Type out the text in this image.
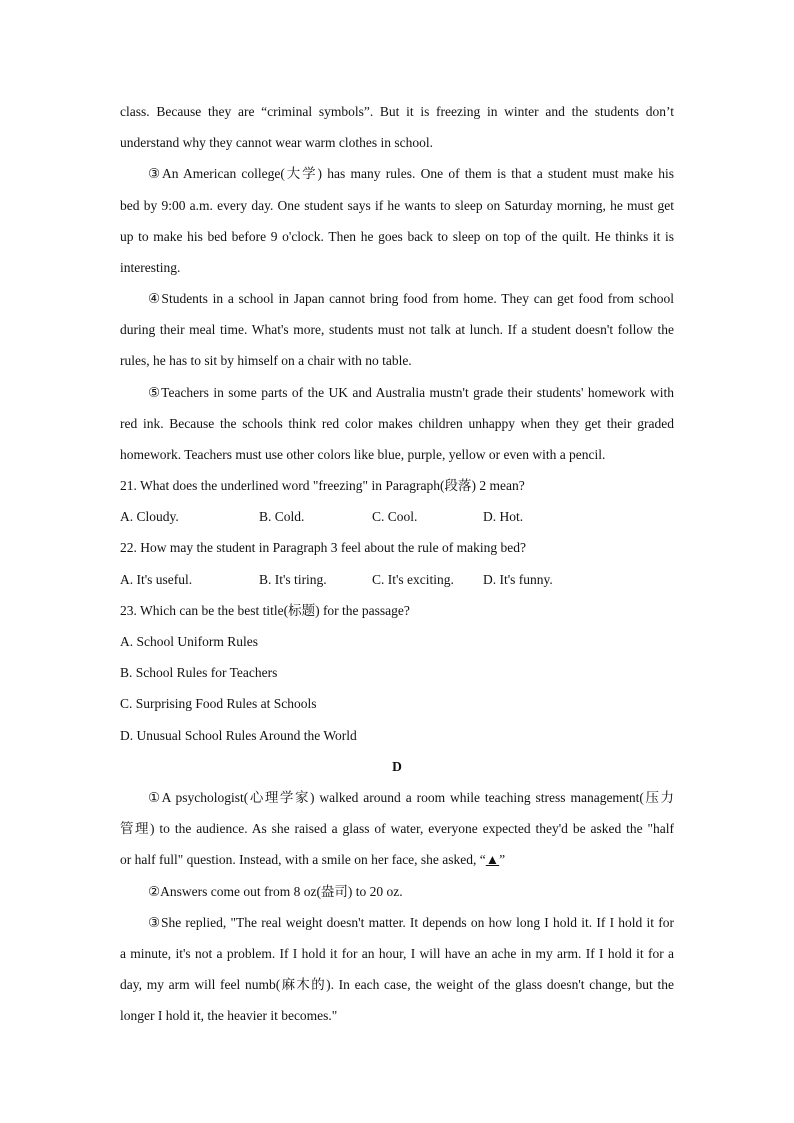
class. Because they are “criminal symbols”. But it is freezing in winter and the students don’t
understand why they cannot wear warm clothes in school.
③An American college(大学) has many rules. One of them is that a student must make his
bed by 9:00 a.m. every day. One student says if he wants to sleep on Saturday morning, he must get
up to make his bed before 9 o'clock. Then he goes back to sleep on top of the quilt. He thinks it is
interesting.
④Students in a school in Japan cannot bring food from home. They can get food from school
during their meal time. What's more, students must not talk at lunch. If a student doesn't follow the
rules, he has to sit by himself on a chair with no table.
⑤Teachers in some parts of the UK and Australia mustn't grade their students' homework with
red ink. Because the schools think red color makes children unhappy when they get their graded
homework. Teachers must use other colors like blue, purple, yellow or even with a pencil.
21. What does the underlined word "freezing" in Paragraph(段落) 2 mean?
A. Cloudy.	B. Cold.	C. Cool.	D. Hot.
22. How may the student in Paragraph 3 feel about the rule of making bed?
A. It's useful.	B. It's tiring.	C. It's exciting. D. It's funny.
23. Which can be the best title(标题) for the passage?
A. School Uniform Rules
B. School Rules for Teachers
C. Surprising Food Rules at Schools
D. Unusual School Rules Around the World
D
①A psychologist(心理学家) walked around a room while teaching stress management(压力
管理) to the audience. As she raised a glass of water, everyone expected they'd be asked the "half
or half full" question. Instead, with a smile on her face, she asked, “▲”
②Answers come out from 8 oz(盎司) to 20 oz.
③She replied, "The real weight doesn't matter. It depends on how long I hold it. If I hold it for
a minute, it's not a problem. If I hold it for an hour, I will have an ache in my arm. If I hold it for a
day, my arm will feel numb(麻木的). In each case, the weight of the glass doesn't change, but the
longer I hold it, the heavier it becomes."
